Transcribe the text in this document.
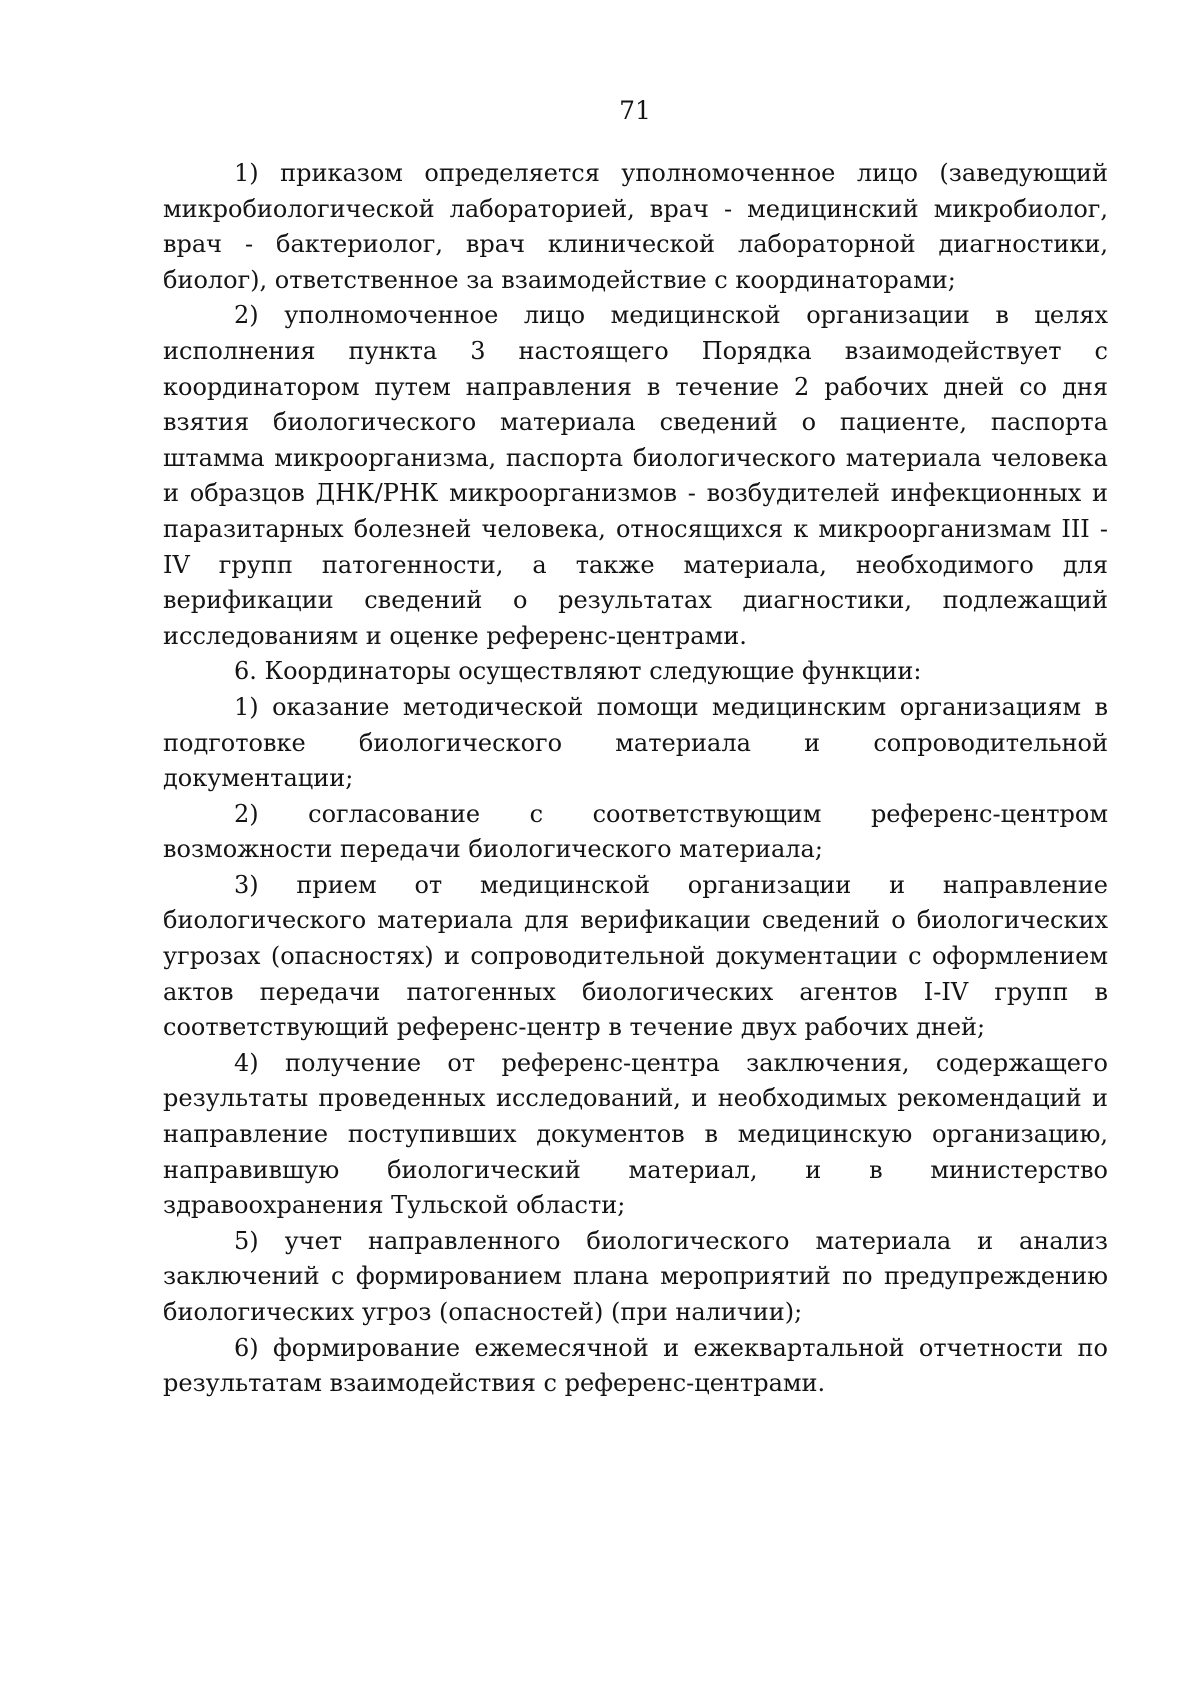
71

1) приказом определяется уполномоченное лицо (заведующий микробиологической лабораторией, врач - медицинский микробиолог, врач - бактериолог, врач клинической лабораторной диагностики, биолог), ответственное за взаимодействие с координаторами;

2) уполномоченное лицо медицинской организации в целях исполнения пункта 3 настоящего Порядка взаимодействует с координатором путем направления в течение 2 рабочих дней со дня взятия биологического материала сведений о пациенте, паспорта штамма микроорганизма, паспорта биологического материала человека и образцов ДНК/РНК микроорганизмов - возбудителей инфекционных и паразитарных болезней человека, относящихся к микроорганизмам III - IV групп патогенности, а также материала, необходимого для верификации сведений о результатах диагностики, подлежащий исследованиям и оценке референс-центрами.

6. Координаторы осуществляют следующие функции:

1) оказание методической помощи медицинским организациям в подготовке биологического материала и сопроводительной документации;

2) согласование с соответствующим референс-центром возможности передачи биологического материала;

3) прием от медицинской организации и направление биологического материала для верификации сведений о биологических угрозах (опасностях) и сопроводительной документации с оформлением актов передачи патогенных биологических агентов I-IV групп в соответствующий референс-центр в течение двух рабочих дней;

4) получение от референс-центра заключения, содержащего результаты проведенных исследований, и необходимых рекомендаций и направление поступивших документов в медицинскую организацию, направившую биологический материал, и в министерство здравоохранения Тульской области;

5) учет направленного биологического материала и анализ заключений с формированием плана мероприятий по предупреждению биологических угроз (опасностей) (при наличии);

6) формирование ежемесячной и ежеквартальной отчетности по результатам взаимодействия с референс-центрами.
